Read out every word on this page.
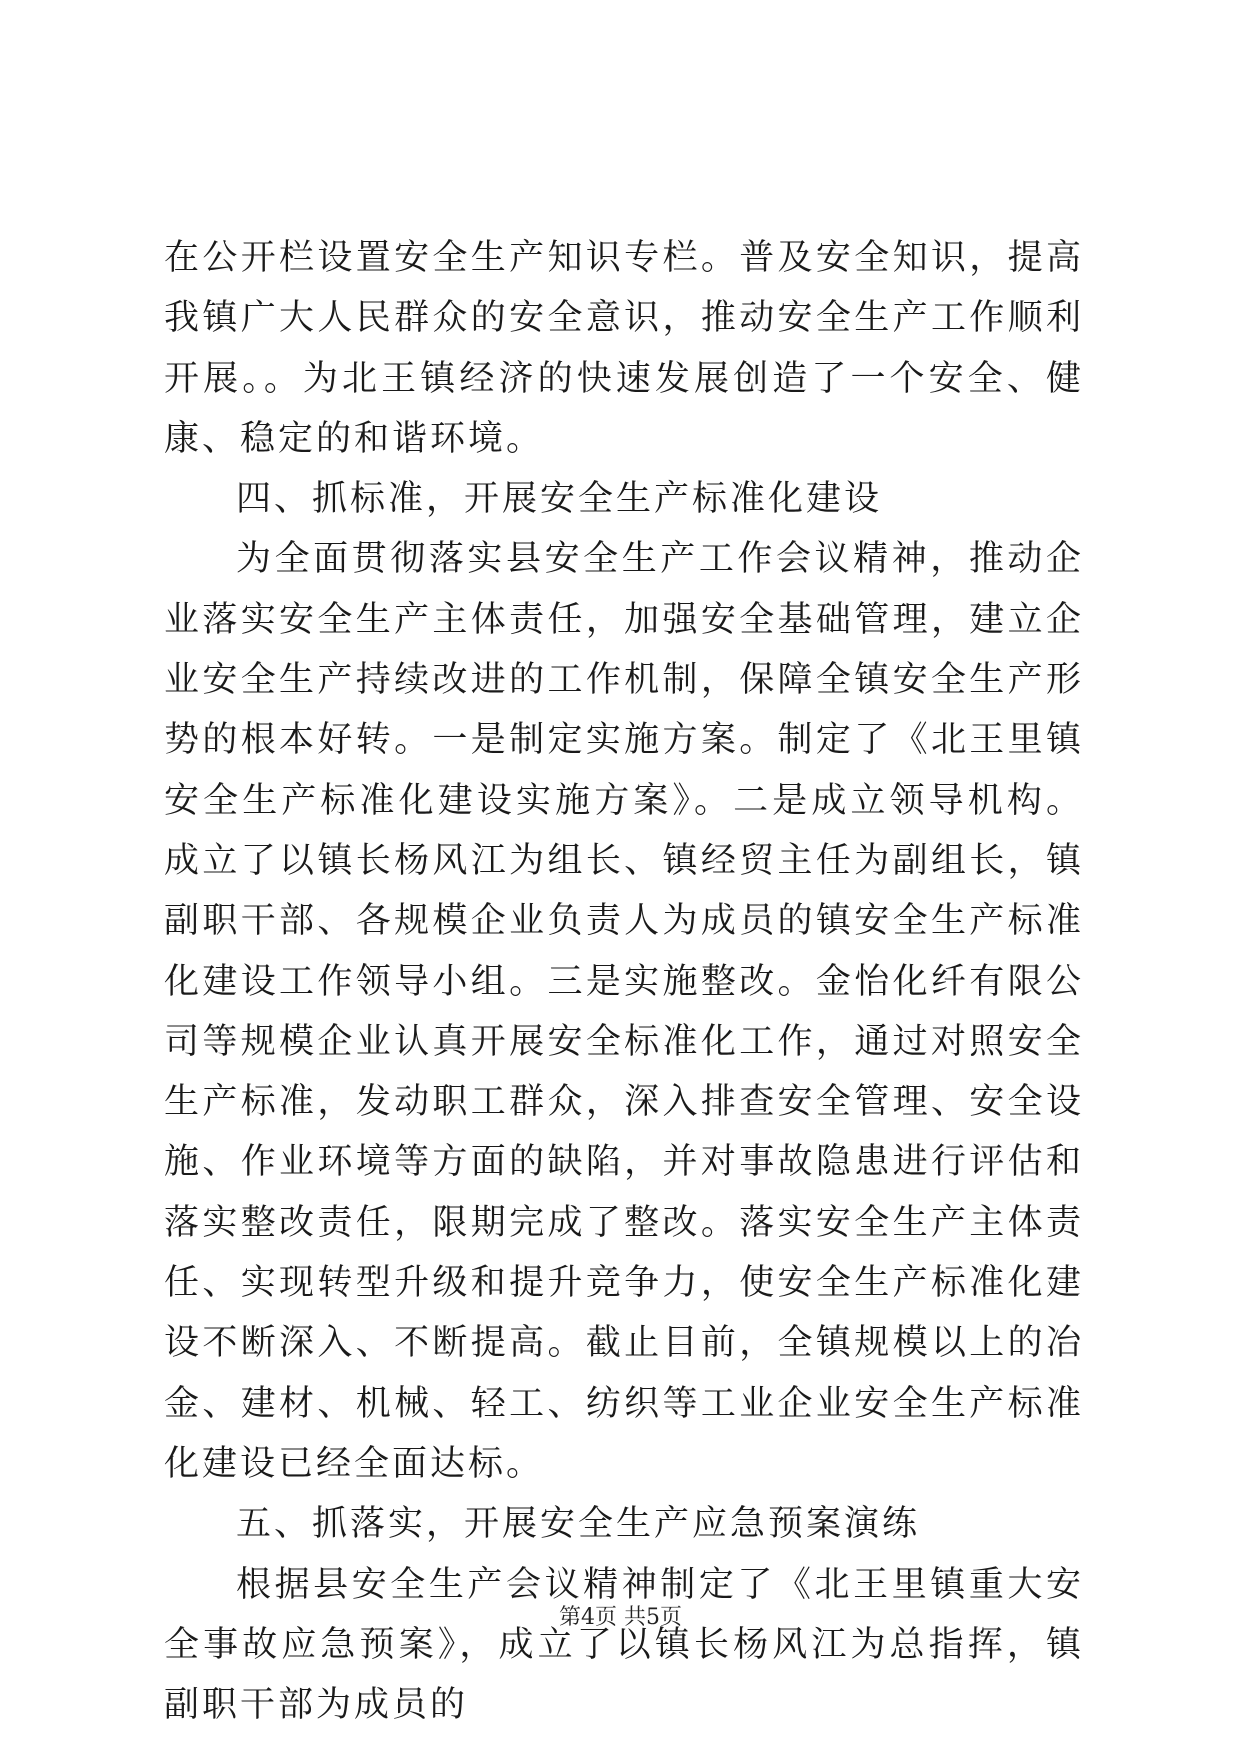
在公开栏设置安全生产知识专栏。普及安全知识，提高我镇广大人民群众的安全意识，推动安全生产工作顺利开展。。为北王镇经济的快速发展创造了一个安全、健康、稳定的和谐环境。

四、抓标准，开展安全生产标准化建设

为全面贯彻落实县安全生产工作会议精神，推动企业落实安全生产主体责任，加强安全基础管理，建立企业安全生产持续改进的工作机制，保障全镇安全生产形势的根本好转。一是制定实施方案。制定了《北王里镇安全生产标准化建设实施方案》。二是成立领导机构。成立了以镇长杨风江为组长、镇经贸主任为副组长，镇副职干部、各规模企业负责人为成员的镇安全生产标准化建设工作领导小组。三是实施整改。金怡化纤有限公司等规模企业认真开展安全标准化工作，通过对照安全生产标准，发动职工群众，深入排查安全管理、安全设施、作业环境等方面的缺陷，并对事故隐患进行评估和落实整改责任，限期完成了整改。落实安全生产主体责任、实现转型升级和提升竞争力，使安全生产标准化建设不断深入、不断提高。截止目前，全镇规模以上的冶金、建材、机械、轻工、纺织等工业企业安全生产标准化建设已经全面达标。

五、抓落实，开展安全生产应急预案演练

根据县安全生产会议精神制定了《北王里镇重大安全事故应急预案》，成立了以镇长杨风江为总指挥，镇副职干部为成员的

第4页 共5页
